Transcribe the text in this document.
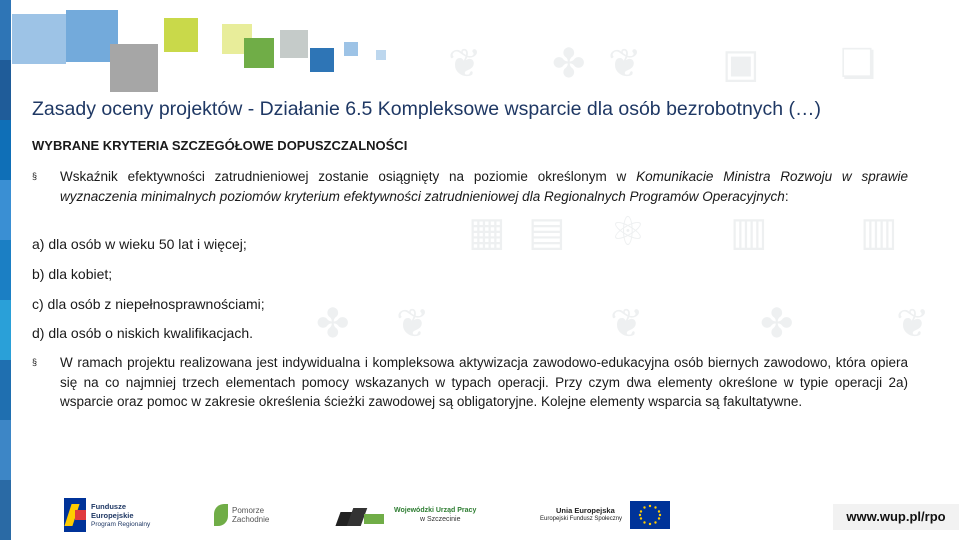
❦ ✤ ❦ ▣ ❏
▤
▦	⚛ ▥ ▥
✤ ❦	❦	✤	❦
Zasady oceny projektów - Działanie 6.5 Kompleksowe wsparcie dla osób bezrobotnych (…)
WYBRANE KRYTERIA SZCZEGÓŁOWE DOPUSZCZALNOŚCI
§	Wskaźnik efektywności zatrudnieniowej zostanie osiągnięty na poziomie określonym w Komunikacie Ministra Rozwoju w sprawie wyznaczenia minimalnych poziomów kryterium efektywności zatrudnieniowej dla Regionalnych Programów Operacyjnych:
a) dla osób w wieku 50 lat i więcej;
b) dla kobiet;
c) dla osób z niepełnosprawnościami;
d) dla osób o niskich kwalifikacjach.
§	W ramach projektu realizowana jest indywidualna i kompleksowa aktywizacja zawodowo-edukacyjna osób biernych zawodowo, która opiera się na co najmniej trzech elementach pomocy wskazanych w typach operacji. Przy czym dwa elementy określone w typie operacji 2a) wsparcie oraz pomoc w zakresie określenia ścieżki zawodowej są obligatoryjne. Kolejne elementy wsparcia są fakultatywne.
Fundusze
Europejskie
Program Regionalny
Pomorze
Zachodnie
Wojewódzki Urząd Pracy
w Szczecinie
Unia Europejska
Europejski Fundusz Społeczny	www.wup.pl/rpo
